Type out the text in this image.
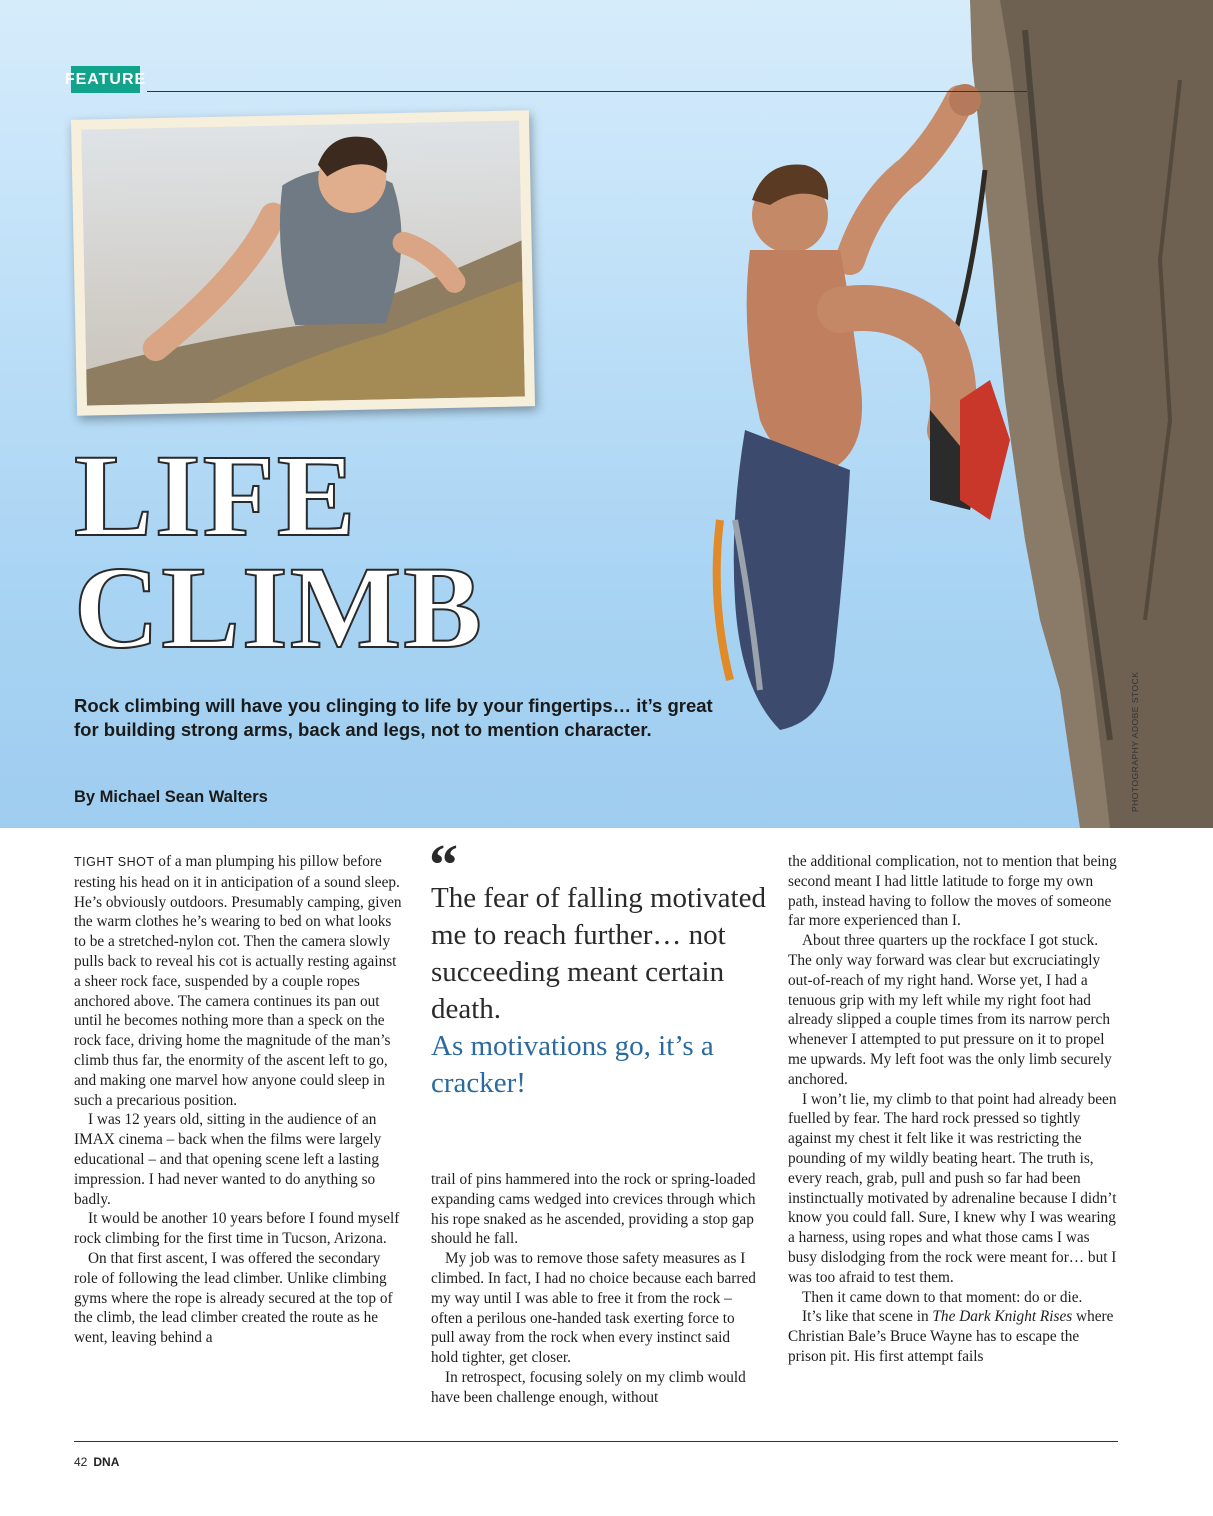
FEATURE
LIFE
CLIMB
Rock climbing will have you clinging to life by your fingertips… it’s great for building strong arms, back and legs, not to mention character.
By Michael Sean Walters	PHOTOGRAPHY ADOBE STOCK

TIGHT SHOT of a man plumping his pillow before resting his head on it in anticipation of a sound sleep. He’s obviously outdoors. Presumably camping, given the warm clothes he’s wearing to bed on what looks to be a stretched-nylon cot. Then the camera slowly pulls back to reveal his cot is actually resting against a sheer rock face, suspended by a couple ropes anchored above. The camera continues its pan out until he becomes nothing more than a speck on the rock face, driving home the magnitude of the man’s climb thus far, the enormity of the ascent left to go, and making one marvel how anyone could sleep in such a precarious position.

I was 12 years old, sitting in the audience of an IMAX cinema – back when the films were largely educational – and that opening scene left a lasting impression. I had never wanted to do anything so badly.

It would be another 10 years before I found myself rock climbing for the first time in Tucson, Arizona.

On that first ascent, I was offered the secondary role of following the lead climber. Unlike climbing gyms where the rope is already secured at the top of the climb, the lead climber created the route as he went, leaving behind a

“
The fear of falling motivated me to reach further… not succeeding meant certain death.
As motivations go, it’s a cracker!

trail of pins hammered into the rock or spring-loaded expanding cams wedged into crevices through which his rope snaked as he ascended, providing a stop gap should he fall.

My job was to remove those safety measures as I climbed. In fact, I had no choice because each barred my way until I was able to free it from the rock – often a perilous one-handed task exerting force to pull away from the rock when every instinct said hold tighter, get closer.

In retrospect, focusing solely on my climb would have been challenge enough, without

the additional complication, not to mention that being second meant I had little latitude to forge my own path, instead having to follow the moves of someone far more experienced than I.

About three quarters up the rockface I got stuck. The only way forward was clear but excruciatingly out-of-reach of my right hand. Worse yet, I had a tenuous grip with my left while my right foot had already slipped a couple times from its narrow perch whenever I attempted to put pressure on it to propel me upwards. My left foot was the only limb securely anchored.

I won’t lie, my climb to that point had already been fuelled by fear. The hard rock pressed so tightly against my chest it felt like it was restricting the pounding of my wildly beating heart. The truth is, every reach, grab, pull and push so far had been instinctually motivated by adrenaline because I didn’t know you could fall. Sure, I knew why I was wearing a harness, using ropes and what those cams I was busy dislodging from the rock were meant for… but I was too afraid to test them.

Then it came down to that moment: do or die.

It’s like that scene in The Dark Knight Rises where Christian Bale’s Bruce Wayne has to escape the prison pit. His first attempt fails

42 DNA
